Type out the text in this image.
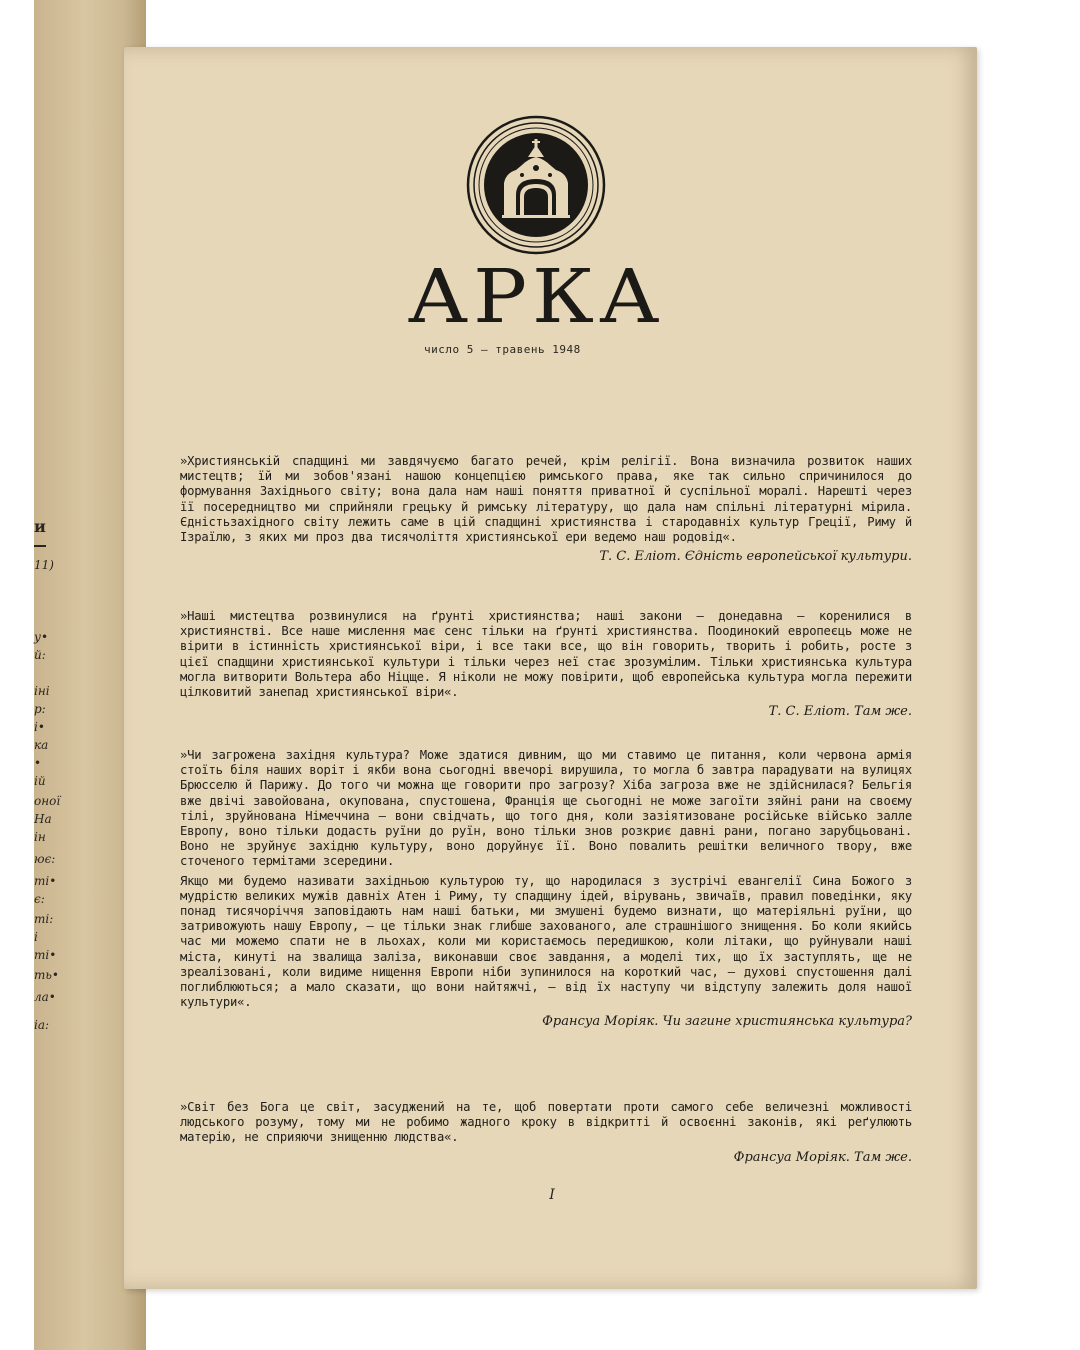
и
11)
у•
й:
іні
р:
і•
ка
•
ій
оної
На
ін
ює:
ті•
є:
ті:
і
ті•
ть•
ла•
іа:
АРКА
число 5 — травень 1948

»Християнській спадщині ми завдячуємо багато речей, крім релігії. Вона визначила розвиток наших мистецтв; їй ми зобов'язані нашою концепцією римського права, яке так сильно спричинилося до формування Західнього світу; вона дала нам наші поняття приватної й суспільної моралі. Нарешті через її посередництво ми сприйняли грецьку й римську літературу, що дала нам спільні літературні мірила. Єдністьзахідного світу лежить саме в цій спадщині християнства і стародавніх культур Греції, Риму й Ізраїлю, з яких ми проз два тисячоліття християнської ери ведемо наш родовід«.

Т. С. Еліот. Єдність европейської культури.

»Наші мистецтва розвинулися на ґрунті християнства; наші закони — донедавна — коренилися в християнстві. Все наше мислення має сенс тільки на ґрунті християнства. Поодинокий европеєць може не вірити в істинність християнської віри, і все таки все, що він говорить, творить і робить, росте з цієї спадщини християнської культури і тільки через неї стає зрозумілим. Тільки християнська культура могла витворити Вольтера або Ніцще. Я ніколи не можу повірити, щоб европейська культура могла пережити цілковитий занепад християнської віри«.

Т. С. Еліот. Там же.

»Чи загрожена західня культура? Може здатися дивним, що ми ставимо це питання, коли червона армія стоїть біля наших воріт і якби вона сьогодні ввечорі вирушила, то могла б завтра парадувати на вулицях Брюсселю й Парижу. До того чи можна ще говорити про загрозу? Хіба загроза вже не здійснилася? Бельгія вже двічі завойована, окупована, спустошена, Франція ще сьогодні не може загоїти зяйні рани на своєму тілі, зруйнована Німеччина — вони свідчать, що того дня, коли зазіятизоване російське військо залле Европу, воно тільки додасть руїни до руїн, воно тільки знов розкриє давні рани, погано зарубцьовані. Воно не зруйнує західню культуру, воно доруйнує її. Воно повалить решітки величного твору, вже сточеного термітами зсередини.

Якщо ми будемо називати західньою культурою ту, що народилася з зустрічі евангелії Сина Божого з мудрістю великих мужів давніх Атен і Риму, ту спадщину ідей, вірувань, звичаїв, правил поведінки, яку понад тисячоріччя заповідають нам наші батьки, ми змушені будемо визнати, що матеріяльні руїни, що затривожують нашу Европу, — це тільки знак глибше захованого, але страшнішого знищення. Бо коли якийсь час ми можемо спати не в льохах, коли ми користаємось передишкою, коли літаки, що руйнували наші міста, кинуті на звалища заліза, виконавши своє завдання, а моделі тих, що їх заступлять, ще не зреалізовані, коли видиме нищення Европи ніби зупинилося на короткий час, — духові спустошення далі поглиблюються; а мало сказати, що вони найтяжчі, — від їх наступу чи відступу залежить доля нашої культури«.

Франсуа Моріяк. Чи загине християнська культура?

»Світ без Бога це світ, засуджений на те, щоб повертати проти самого себе величезні можливості людського розуму, тому ми не робимо жадного кроку в відкритті й освоєнні законів, які реґулюють матерію, не сприяючи знищенню людства«.

Франсуа Моріяк. Там же.
I
